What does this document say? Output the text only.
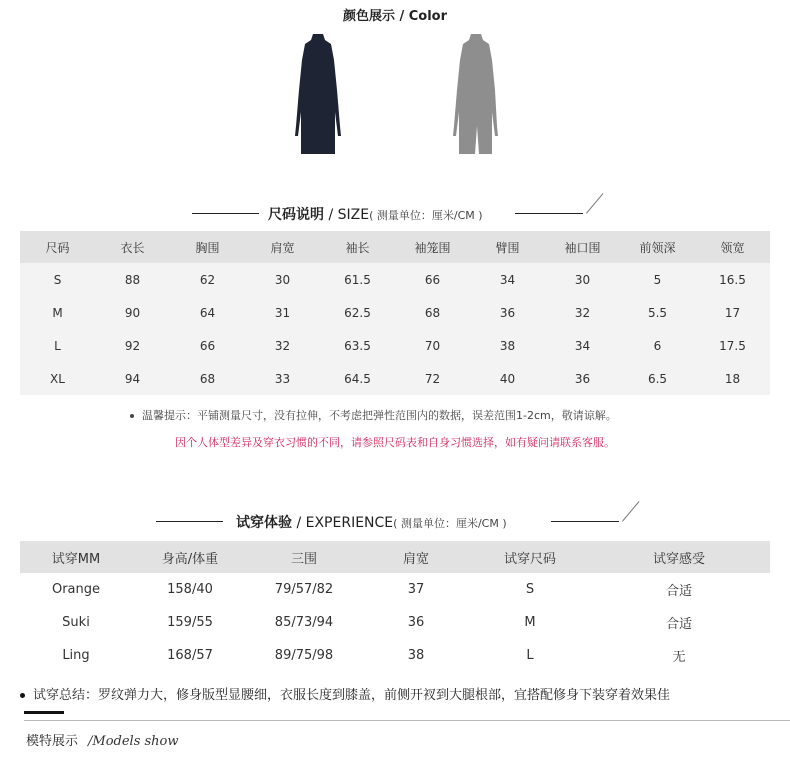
颜色展示 / Color
尺码说明 / SIZE( 测量单位：厘米/CM )
尺码	衣长	胸围	肩宽	袖长	袖笼围	臂围	袖口围	前领深	领宽
S	88	62	30	61.5	66	34	30	5	16.5
M	90	64	31	62.5	68	36	32	5.5	17
L	92	66	32	63.5	70	38	34	6	17.5
XL	94	68	33	64.5	72	40	36	6.5	18
温馨提示：平铺测量尺寸，没有拉伸，不考虑把弹性范围内的数据，误差范围1-2cm，敬请谅解。
因个人体型差异及穿衣习惯的不同，请参照尺码表和自身习惯选择，如有疑问请联系客服。
试穿体验 / EXPERIENCE( 测量单位：厘米/CM )
试穿MM	身高/体重	三围	肩宽	试穿尺码	试穿感受
Orange	158/40	79/57/82	37	S	合适
Suki	159/55	85/73/94	36	M	合适
Ling	168/57	89/75/98	38	L	无
试穿总结：罗纹弹力大，修身版型显腰细，衣服长度到膝盖，前侧开衩到大腿根部，宜搭配修身下装穿着效果佳
模特展示 /Models show
